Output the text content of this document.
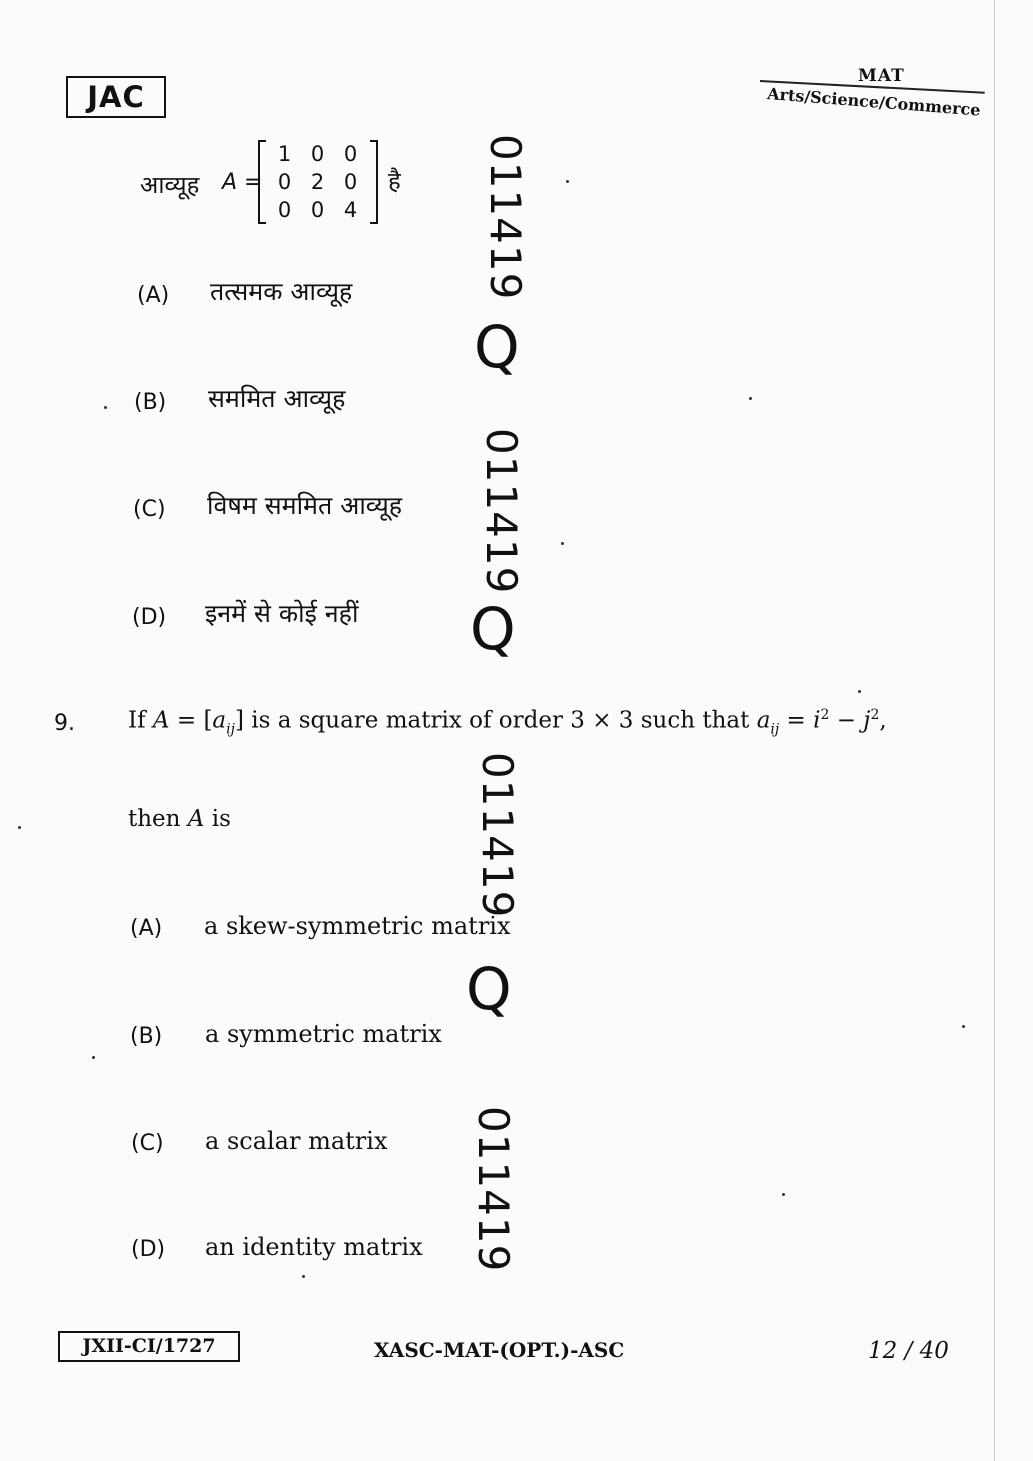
JAC
MAT
Arts/Science/Commerce
आव्यूह A =
1	0	0
0	2	0
0	0	4
है
(A) तत्समक आव्यूह
(B) सममित आव्यूह
(C) विषम सममित आव्यूह
(D) इनमें से कोई नहीं
011419
Q
011419
Q
011419
Q
011419
9. If $A = [a_{ij}]$ is a square matrix of order 3 × 3 such that $a_{ij} = i^2 - j^2$,
then A is
(A) a skew-symmetric matrix
(B) a symmetric matrix
(C) a scalar matrix
(D) an identity matrix
JXII-CI/1727	XASC-MAT-(OPT.)-ASC	12 / 40
